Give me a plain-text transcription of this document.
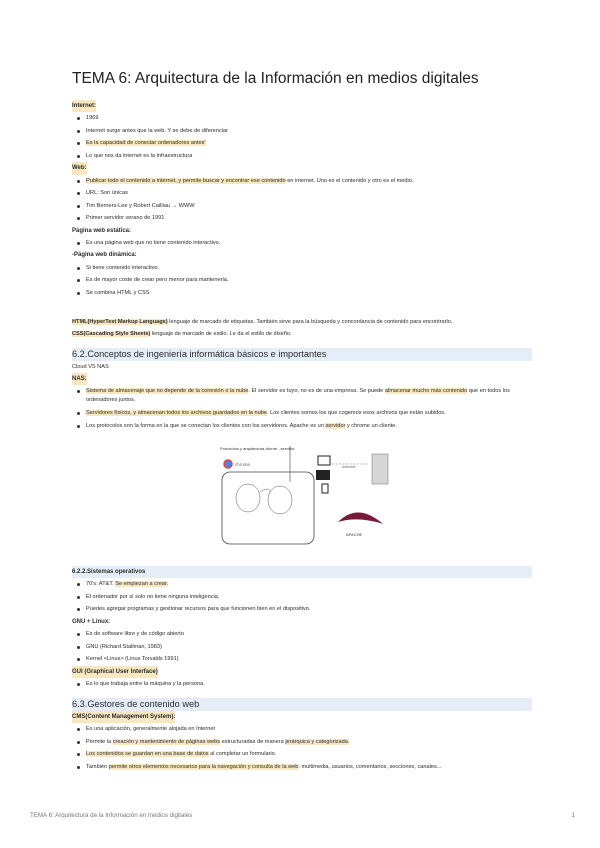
TEMA 6: Arquitectura de la Información en medios digitales
Internet:
1969
Internet surge antes que la web. Y se debe de diferenciar
Es la capacidad de conectar ordenadores antes'
Lo que nos da internet es la infraestructura
Web:
Publicar todo el contenido a internet, y permite buscar y encontrar ese contenido en internet. Uno es el contenido y otro es el medio.
URL: Son únicas
Tim Berners-Lee y Robert Cailliau → WWW
Primer servidor verano de 1991
Página web estática:
Es una página web que no tiene contenido interactivo.
-Página web dinámica:
Si tiene contenido interactivo.
Es de mayor coste de crear pero menor para mantenerla.
Se combina HTML y CSS
HTML(HyperText Markup Language) lenguaje de marcado de etiquetas. También sirve para la búsqueda y concordancia de contenido para encontrarlo.
CSS(Cascading Style Sheets) lenguaje de marcado de estilo. Le da el estilo de diseño.
6.2.Conceptos de ingeniería informática básicos e importantes
Cloud VS NAS
NAS:
Sistema de almacenaje que no depende de la conexión o la nube. El servidor es tuyo, no es de una empresa. Se puede almacenar mucho más contenido que en todos los ordenadores juntos.
Servidores físicos, y almacenan todos los archivos guardados en la nube. Los clientes somos los que cogemos esos archivos que están subidos.
Los protocolos son la forma en la que se conectan los clientes con los servidores. Apache es un servidor y chrome un cliente.
Protocolos y arquitectura cliente - servidor
chrome	Internet
APACHE
6.2.2.Sistemas operativos
70's: AT&T. Se empiezan a crear.
El ordenador por sí solo no tiene ninguna inteligencia.
Puedes agregar programas y gestionar recursos para que funcionen bien en el dispositivo.
GNU + Linux:
Es de software libre y de código abierto
GNU (Richard Stallman, 1983)
Kernel <Linux> (Linus Torvalds 1991)
GUI (Graphical User Interface)
Es lo que trabaja entre la máquina y la persona.
6.3.Gestores de contenido web
CMS(Content Management System):
Es una aplicación, generalmente alojada en Internet
Permite la creación y mantenimiento de páginas webs estructuradas de manera jerárquica y categorizada.
Los contenidos se guardan en una base de datos al completar un formulario.
También permite otros elementos necesarios para la navegación y consulta de la web: multimedia, usuarios, comentarios, secciones, canales...
TEMA 6: Arquitectura de la Información en medios digitales	1
